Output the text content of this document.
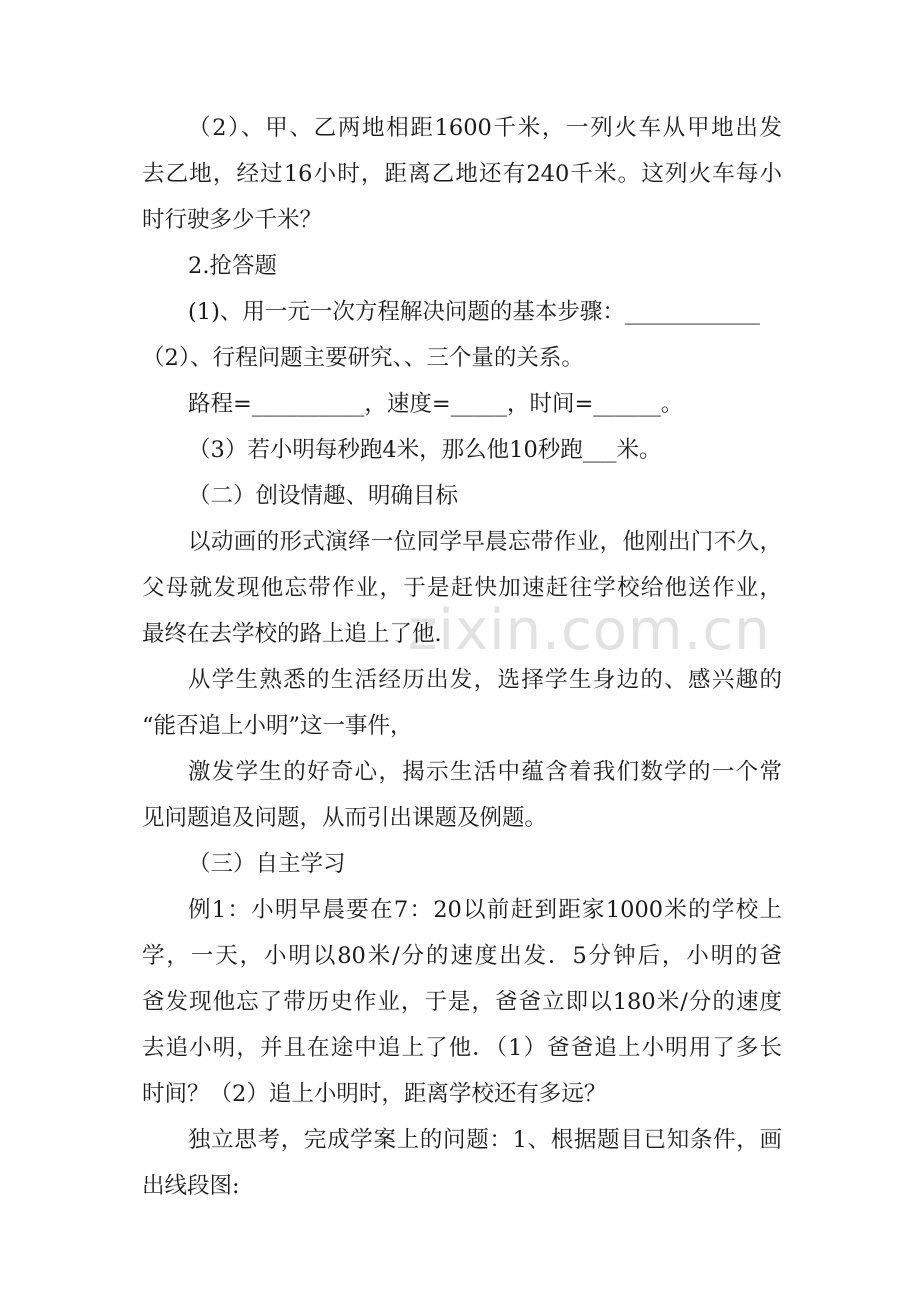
zixin.com.cn
（2）、甲、乙两地相距1600千米，一列火车从甲地出发
去乙地，经过16小时，距离乙地还有240千米。这列火车每小
时行驶多少千米？
2.抢答题
(1)、用一元一次方程解决问题的基本步骤：____________
（2）、行程问题主要研究、、三个量的关系。
路程=__________，速度=_____，时间=______。
（3）若小明每秒跑4米，那么他10秒跑___米。
（二）创设情趣、明确目标
以动画的形式演绎一位同学早晨忘带作业，他刚出门不久，
父母就发现他忘带作业，于是赶快加速赶往学校给他送作业，
最终在去学校的路上追上了他.
从学生熟悉的生活经历出发，选择学生身边的、感兴趣的
“能否追上小明”这一事件，
激发学生的好奇心，揭示生活中蕴含着我们数学的一个常
见问题追及问题，从而引出课题及例题。
（三）自主学习
例1：小明早晨要在7：20以前赶到距家1000米的学校上
学，一天，小明以80米/分的速度出发．5分钟后，小明的爸
爸发现他忘了带历史作业，于是，爸爸立即以180米/分的速度
去追小明，并且在途中追上了他．（1）爸爸追上小明用了多长
时间？（2）追上小明时，距离学校还有多远？
独立思考，完成学案上的问题：1、根据题目已知条件，画
出线段图:
